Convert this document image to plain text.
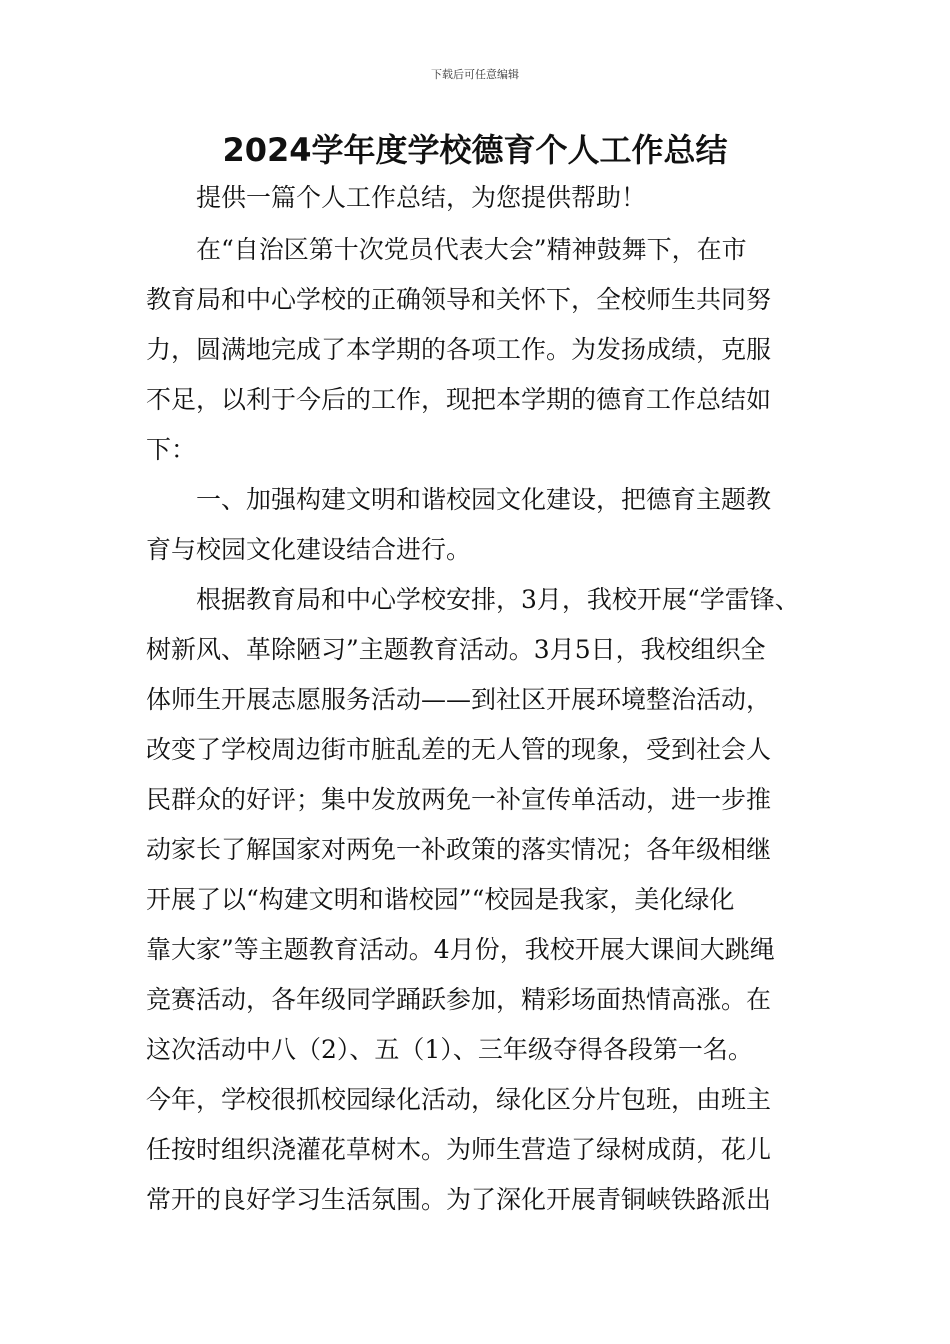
下载后可任意编辑
2024学年度学校德育个人工作总结
提供一篇个人工作总结，为您提供帮助！
在“自治区第十次党员代表大会”精神鼓舞下，在市
教育局和中心学校的正确领导和关怀下，全校师生共同努
力，圆满地完成了本学期的各项工作。为发扬成绩，克服
不足，以利于今后的工作，现把本学期的德育工作总结如
下：
一、加强构建文明和谐校园文化建设，把德育主题教
育与校园文化建设结合进行。
根据教育局和中心学校安排，3月，我校开展“学雷锋、
树新风、革除陋习”主题教育活动。3月5日，我校组织全
体师生开展志愿服务活动——到社区开展环境整治活动，
改变了学校周边街市脏乱差的无人管的现象，受到社会人
民群众的好评；集中发放两免一补宣传单活动，进一步推
动家长了解国家对两免一补政策的落实情况；各年级相继
开展了以“构建文明和谐校园”“校园是我家，美化绿化
靠大家”等主题教育活动。4月份，我校开展大课间大跳绳
竞赛活动，各年级同学踊跃参加，精彩场面热情高涨。在
这次活动中八（2）、五（1）、三年级夺得各段第一名。
今年，学校很抓校园绿化活动，绿化区分片包班，由班主
任按时组织浇灌花草树木。为师生营造了绿树成荫，花儿
常开的良好学习生活氛围。为了深化开展青铜峡铁路派出
